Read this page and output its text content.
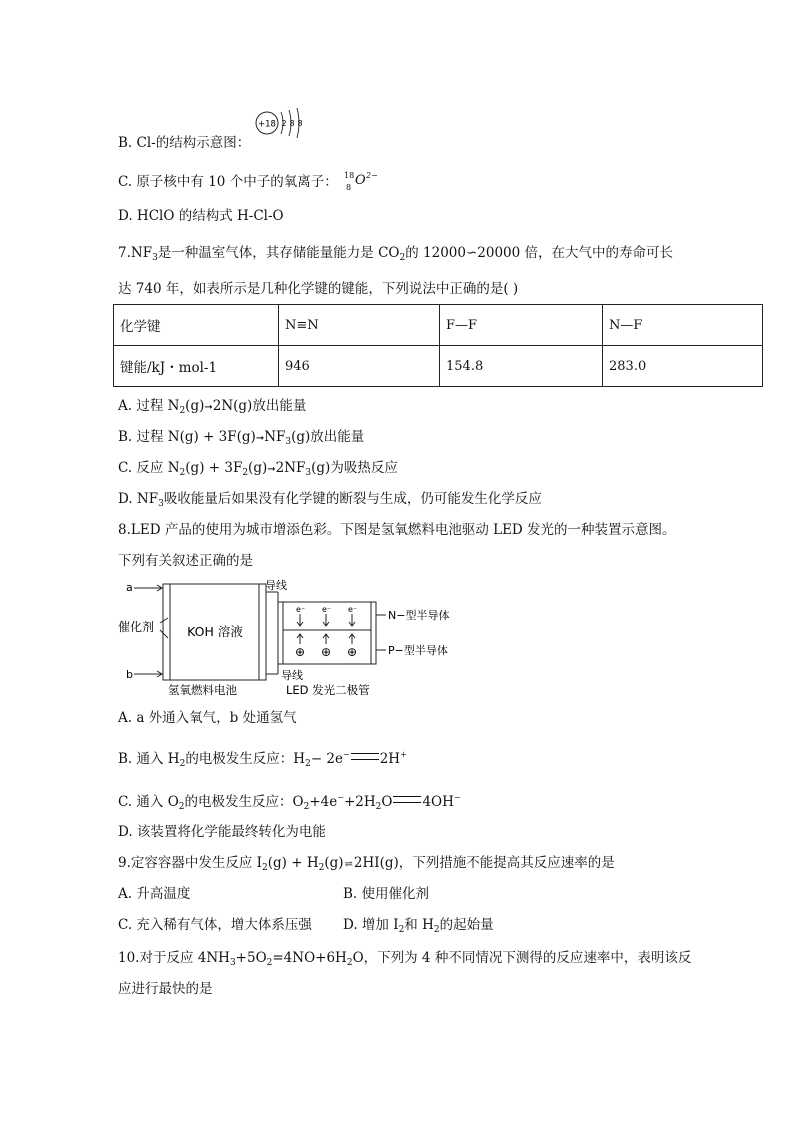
B. Cl-的结构示意图：
+18 2 8 8
C. 原子核中有 10 个中子的氧离子： 18
8 O 2−
D. HClO 的结构式 H-Cl-O
$7.NF_3$是一种温室气体，其存储能量能力是 $CO_2$的 12000∽20000 倍，在大气中的寿命可长
达 740 年，如表所示是几种化学键的键能，下列说法中正确的是( )
化学键	N≡N	F—F	N—F
键能/kJ・mol-1	946	154.8	283.0
A. 过程 $N_2(g)➞2N(g)$放出能量
B. 过程 $N(g) + 3F(g)➞NF_3(g)$放出能量
C. 反应 $N_2(g)$ + $3F_2(g)➞2NF_3(g)$为吸热反应
D. $NF_3$吸收能量后如果没有化学键的断裂与生成，仍可能发生化学反应
8.LED 产品的使用为城市增添色彩。下图是氢氧燃料电池驱动 LED 发光的一种装置示意图。
下列有关叙述正确的是
a
b
催化剂	KOH 溶液
导线
导线
e⁻ e⁻ e⁻
⊕ ⊕ ⊕
N−型半导体
P−型半导体
氢氧燃料电池	LED 发光二极管
A. a 外通入氧气，b 处通氢气
B. 通入 $H_2$的电极发生反应：$H_2- 2e^-$ 2H+
C. 通入 $O_2$的电极发生反应：$O_2+4e^-+2H_2O$ 4OH−
D. 该装置将化学能最终转化为电能
9.定容容器中发生反应 $I_2(g)$ + $H_2(g)\rightleftharpoons 2HI(g)$，下列措施不能提高其反应速率的是
A. 升高温度	B. 使用催化剂
C. 充入稀有气体，增大体系压强 D. 增加 $I_2$和 $H_2$的起始量
10.对于反应 $4NH_3+5O_2=4NO+6H_2O$，下列为 4 种不同情况下测得的反应速率中，表明该反
应进行最快的是
